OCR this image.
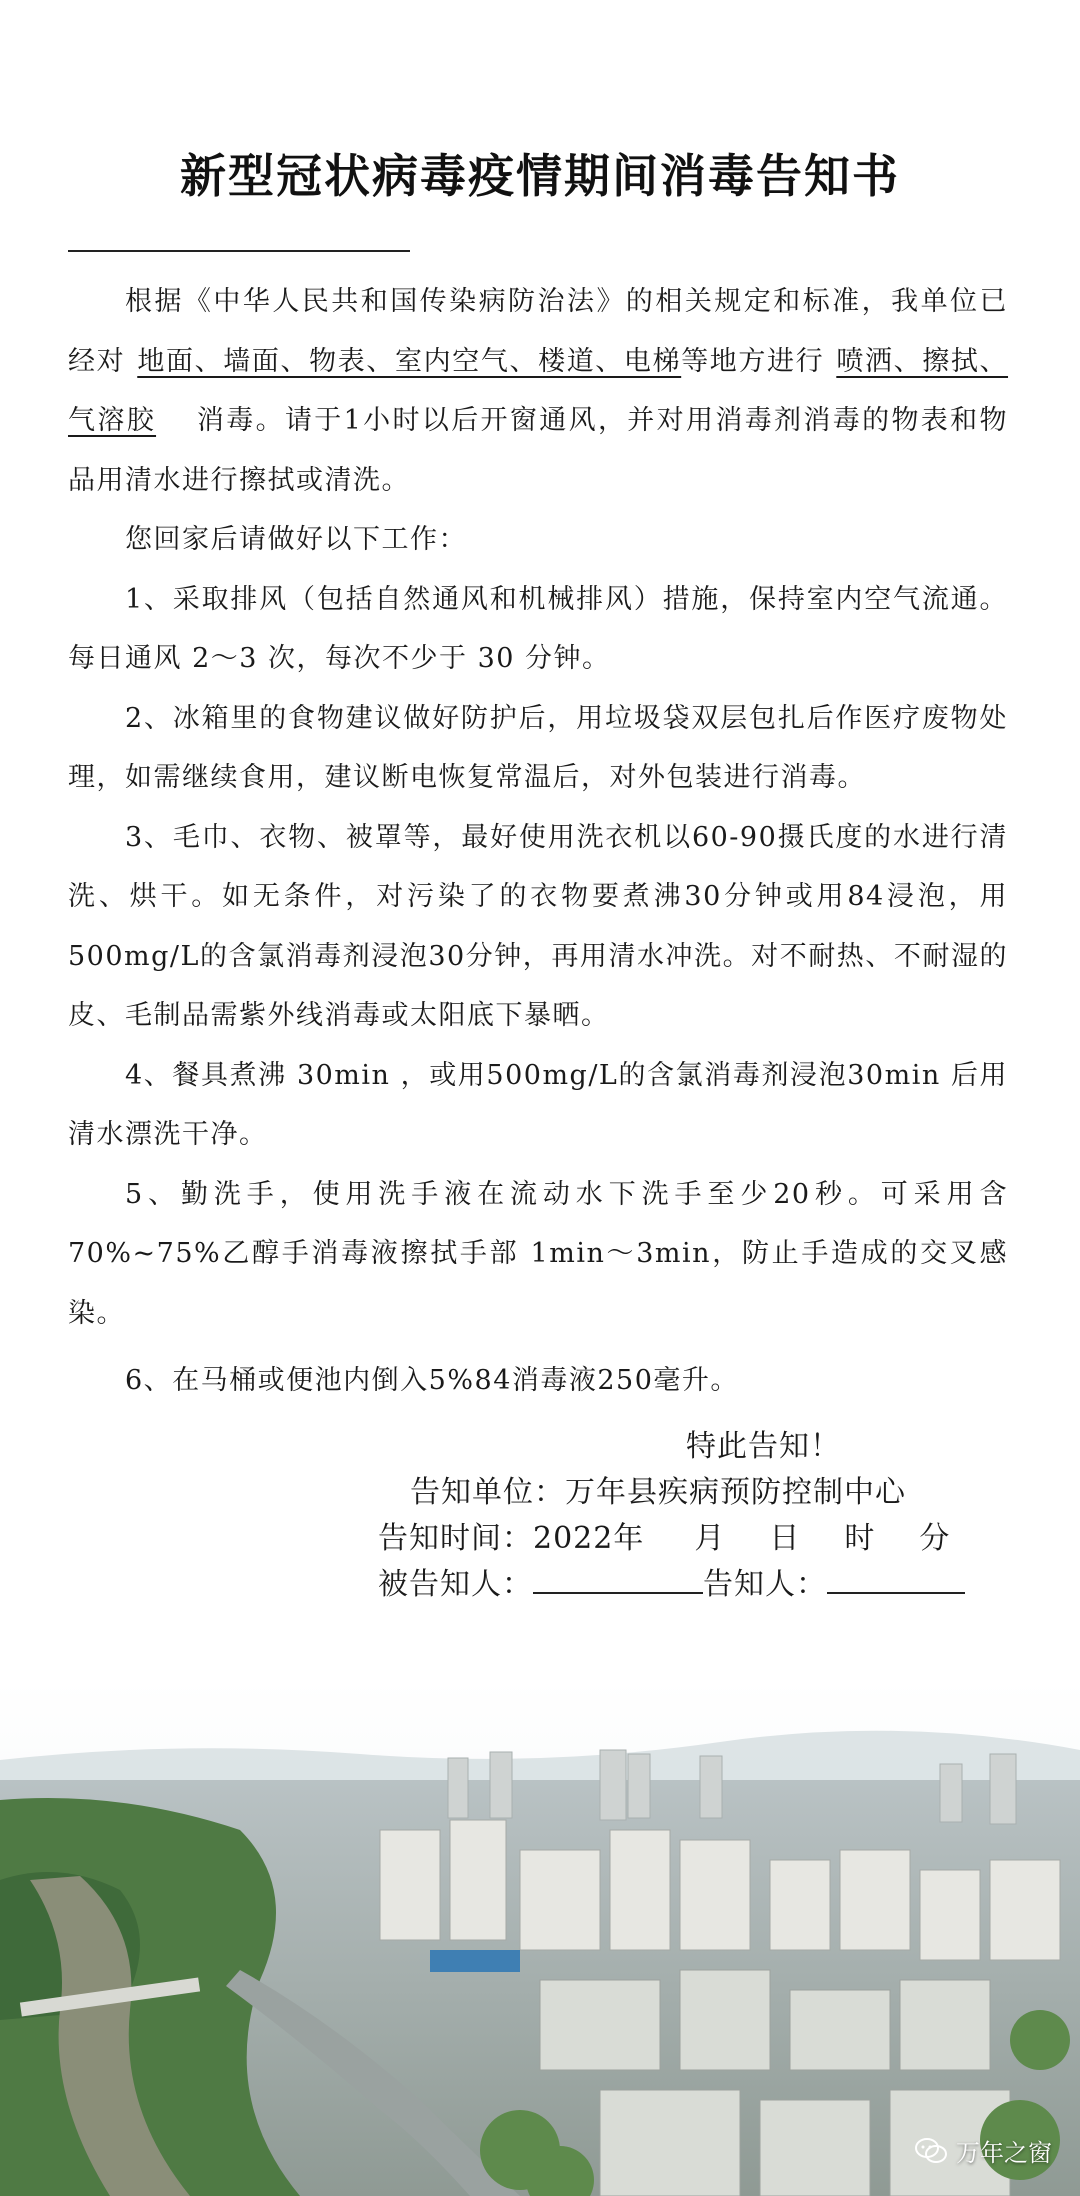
新型冠状病毒疫情期间消毒告知书

根据《中华人民共和国传染病防治法》的相关规定和标准，我单位已经对 地面、墙面、物表、室内空气、楼道、电梯等地方进行 喷洒、擦拭、气溶胶 消毒。请于1小时以后开窗通风，并对用消毒剂消毒的物表和物品用清水进行擦拭或清洗。

您回家后请做好以下工作：

1、采取排风（包括自然通风和机械排风）措施，保持室内空气流通。每日通风 2～3 次，每次不少于 30 分钟。

2、冰箱里的食物建议做好防护后，用垃圾袋双层包扎后作医疗废物处理，如需继续食用，建议断电恢复常温后，对外包装进行消毒。

3、毛巾、衣物、被罩等，最好使用洗衣机以60-90摄氏度的水进行清洗、烘干。如无条件，对污染了的衣物要煮沸30分钟或用84浸泡，用500mg/L的含氯消毒剂浸泡30分钟，再用清水冲洗。对不耐热、不耐湿的皮、毛制品需紫外线消毒或太阳底下暴晒。

4、餐具煮沸 30min ，或用500mg/L的含氯消毒剂浸泡30min 后用清水漂洗干净。

5、勤洗手，使用洗手液在流动水下洗手至少20秒。可采用含70%~75%乙醇手消毒液擦拭手部 1min～3min，防止手造成的交叉感染。

6、在马桶或便池内倒入5%84消毒液250毫升。

特此告知！
告知单位：万年县疾病预防控制中心
告知时间：2022年 月 日 时 分
被告知人：	告知人：
万年之窗
